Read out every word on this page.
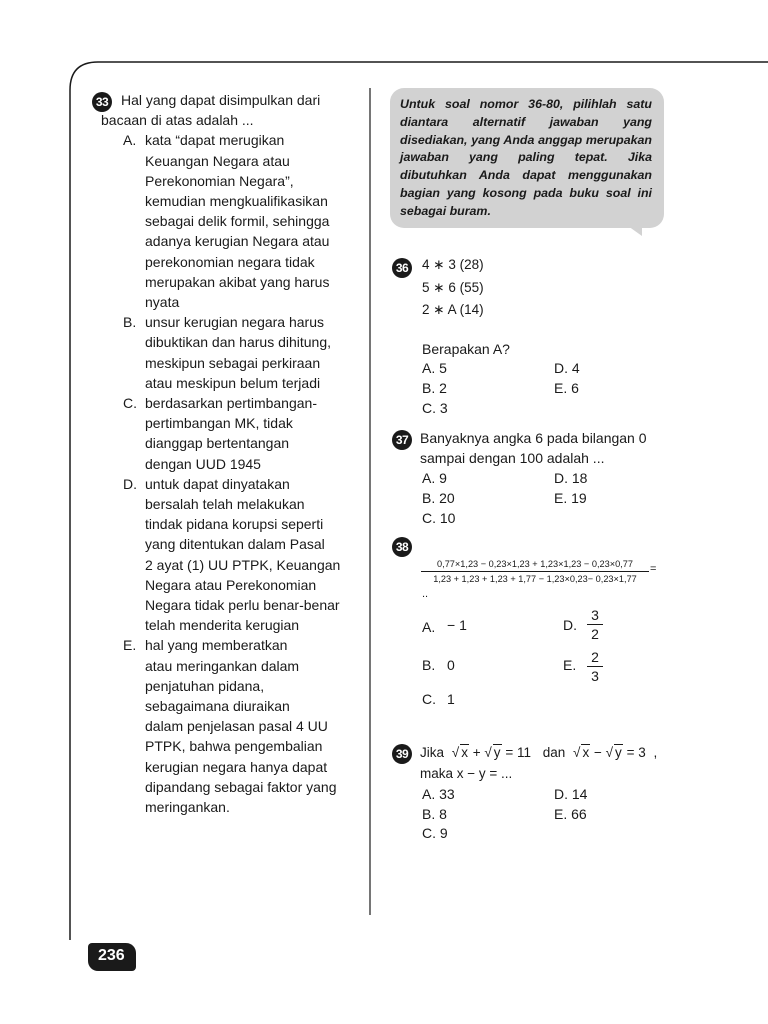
Untuk soal nomor 36-80, pilihlah satu diantara alternatif jawaban yang disediakan, yang Anda anggap merupakan jawaban yang paling tepat. Jika dibutuhkan Anda dapat menggunakan bagian yang kosong pada buku soal ini sebagai buram.
33
36 4 ∗ 3 (28)
5 ∗ 6 (55)
2 ∗ A (14)
Berapakan A?
A. 5
B. 2
C. 3
D. 4
E. 6
37 Banyaknya angka 6 pada bilangan 0
sampai dengan 100 adalah ...
A. 9
B. 20
C. 10
D. 18
E. 19
38
0,77×1,23 − 0,23×1,23 + 1,23×1,23 − 0,23×0,77
1,23 + 1,23 + 1,23 + 1,77 − 1,23×0,23− 0,23×1,77
=
..
A. − 1
B. 0
C. 1
D.
3
2
E. 2
3
39 Jika √ x + √ y = 11 dan √ x − √ y = 3 ,
maka x − y = ...
A. 33
B. 8
C. 9
D. 14
E. 66
236
Hal yang dapat disimpulkan dari
bacaan di atas adalah ...
A. kata “dapat merugikan
Keuangan Negara atau
Perekonomian Negara”,
kemudian mengkualifikasikan
sebagai delik formil, sehingga
adanya kerugian Negara atau
perekonomian negara tidak
merupakan akibat yang harus
nyata
B. unsur kerugian negara harus
dibuktikan dan harus dihitung,
meskipun sebagai perkiraan
atau meskipun belum terjadi
C. berdasarkan pertimbangan-
pertimbangan MK, tidak
dianggap bertentangan
dengan UUD 1945
D. untuk dapat dinyatakan
bersalah telah melakukan
tindak pidana korupsi seperti
yang ditentukan dalam Pasal
2 ayat (1) UU PTPK, Keuangan
Negara atau Perekonomian
Negara tidak perlu benar-benar
telah menderita kerugian
E. hal yang memberatkan
atau meringankan dalam
penjatuhan pidana,
sebagaimana diuraikan
dalam penjelasan pasal 4 UU
PTPK, bahwa pengembalian
kerugian negara hanya dapat
dipandang sebagai faktor yang
meringankan.
